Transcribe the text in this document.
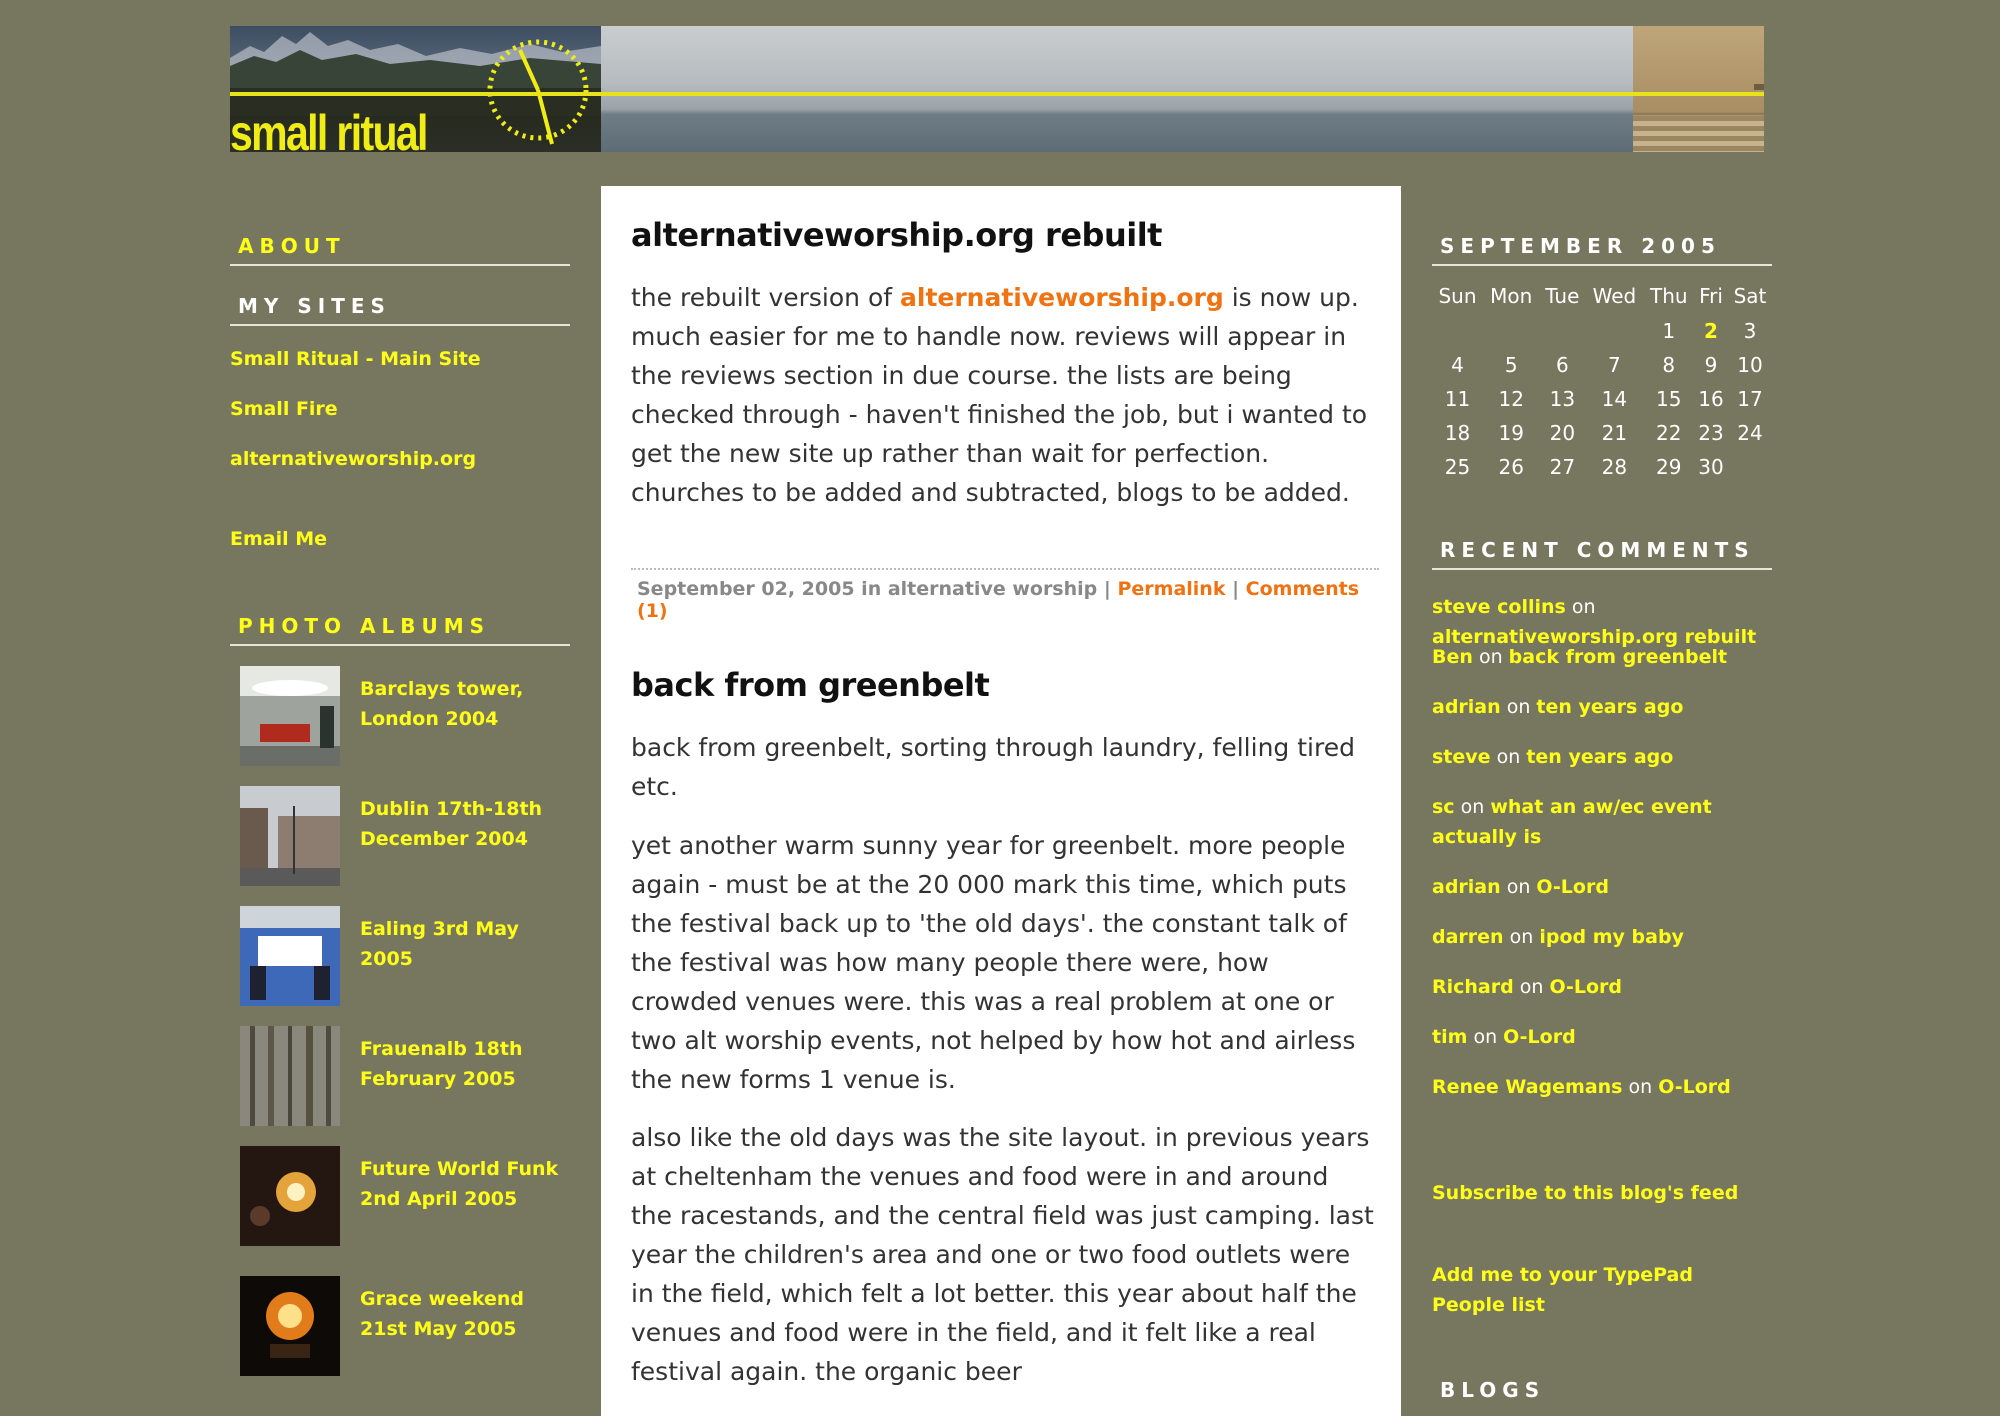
small ritual
ABOUT
MY SITES
Small Ritual - Main Site
Small Fire
alternativeworship.org
Email Me
PHOTO ALBUMS
Barclays tower, London 2004
Dublin 17th-18th December 2004
Ealing 3rd May 2005
Frauenalb 18th February 2005
Future World Funk 2nd April 2005
Grace weekend 21st May 2005
alternativeworship.org rebuilt

the rebuilt version of alternativeworship.org is now up. much easier for me to handle now. reviews will appear in the reviews section in due course. the lists are being checked through - haven't finished the job, but i wanted to get the new site up rather than wait for perfection. churches to be added and subtracted, blogs to be added.

September 02, 2005 in alternative worship | Permalink | Comments (1)
back from greenbelt

back from greenbelt, sorting through laundry, felling tired etc.

yet another warm sunny year for greenbelt. more people again - must be at the 20 000 mark this time, which puts the festival back up to 'the old days'. the constant talk of the festival was how many people there were, how crowded venues were. this was a real problem at one or two alt worship events, not helped by how hot and airless the new forms 1 venue is.

also like the old days was the site layout. in previous years at cheltenham the venues and food were in and around the racestands, and the central field was just camping. last year the children's area and one or two food outlets were in the field, which felt a lot better. this year about half the venues and food were in the field, and it felt like a real festival again. the organic beer

SEPTEMBER 2005
Sun	Mon	Tue	Wed	Thu	Fri	Sat
				1	2	3
4	5	6	7	8	9	10
11	12	13	14	15	16	17
18	19	20	21	22	23	24
25	26	27	28	29	30	
RECENT COMMENTS
steve collins on alternativeworship.org rebuilt
Ben on back from greenbelt
adrian on ten years ago
steve on ten years ago
sc on what an aw/ec event actually is
adrian on O-Lord
darren on ipod my baby
Richard on O-Lord
tim on O-Lord
Renee Wagemans on O-Lord
Subscribe to this blog's feed
Add me to your TypePad People list
BLOGS
